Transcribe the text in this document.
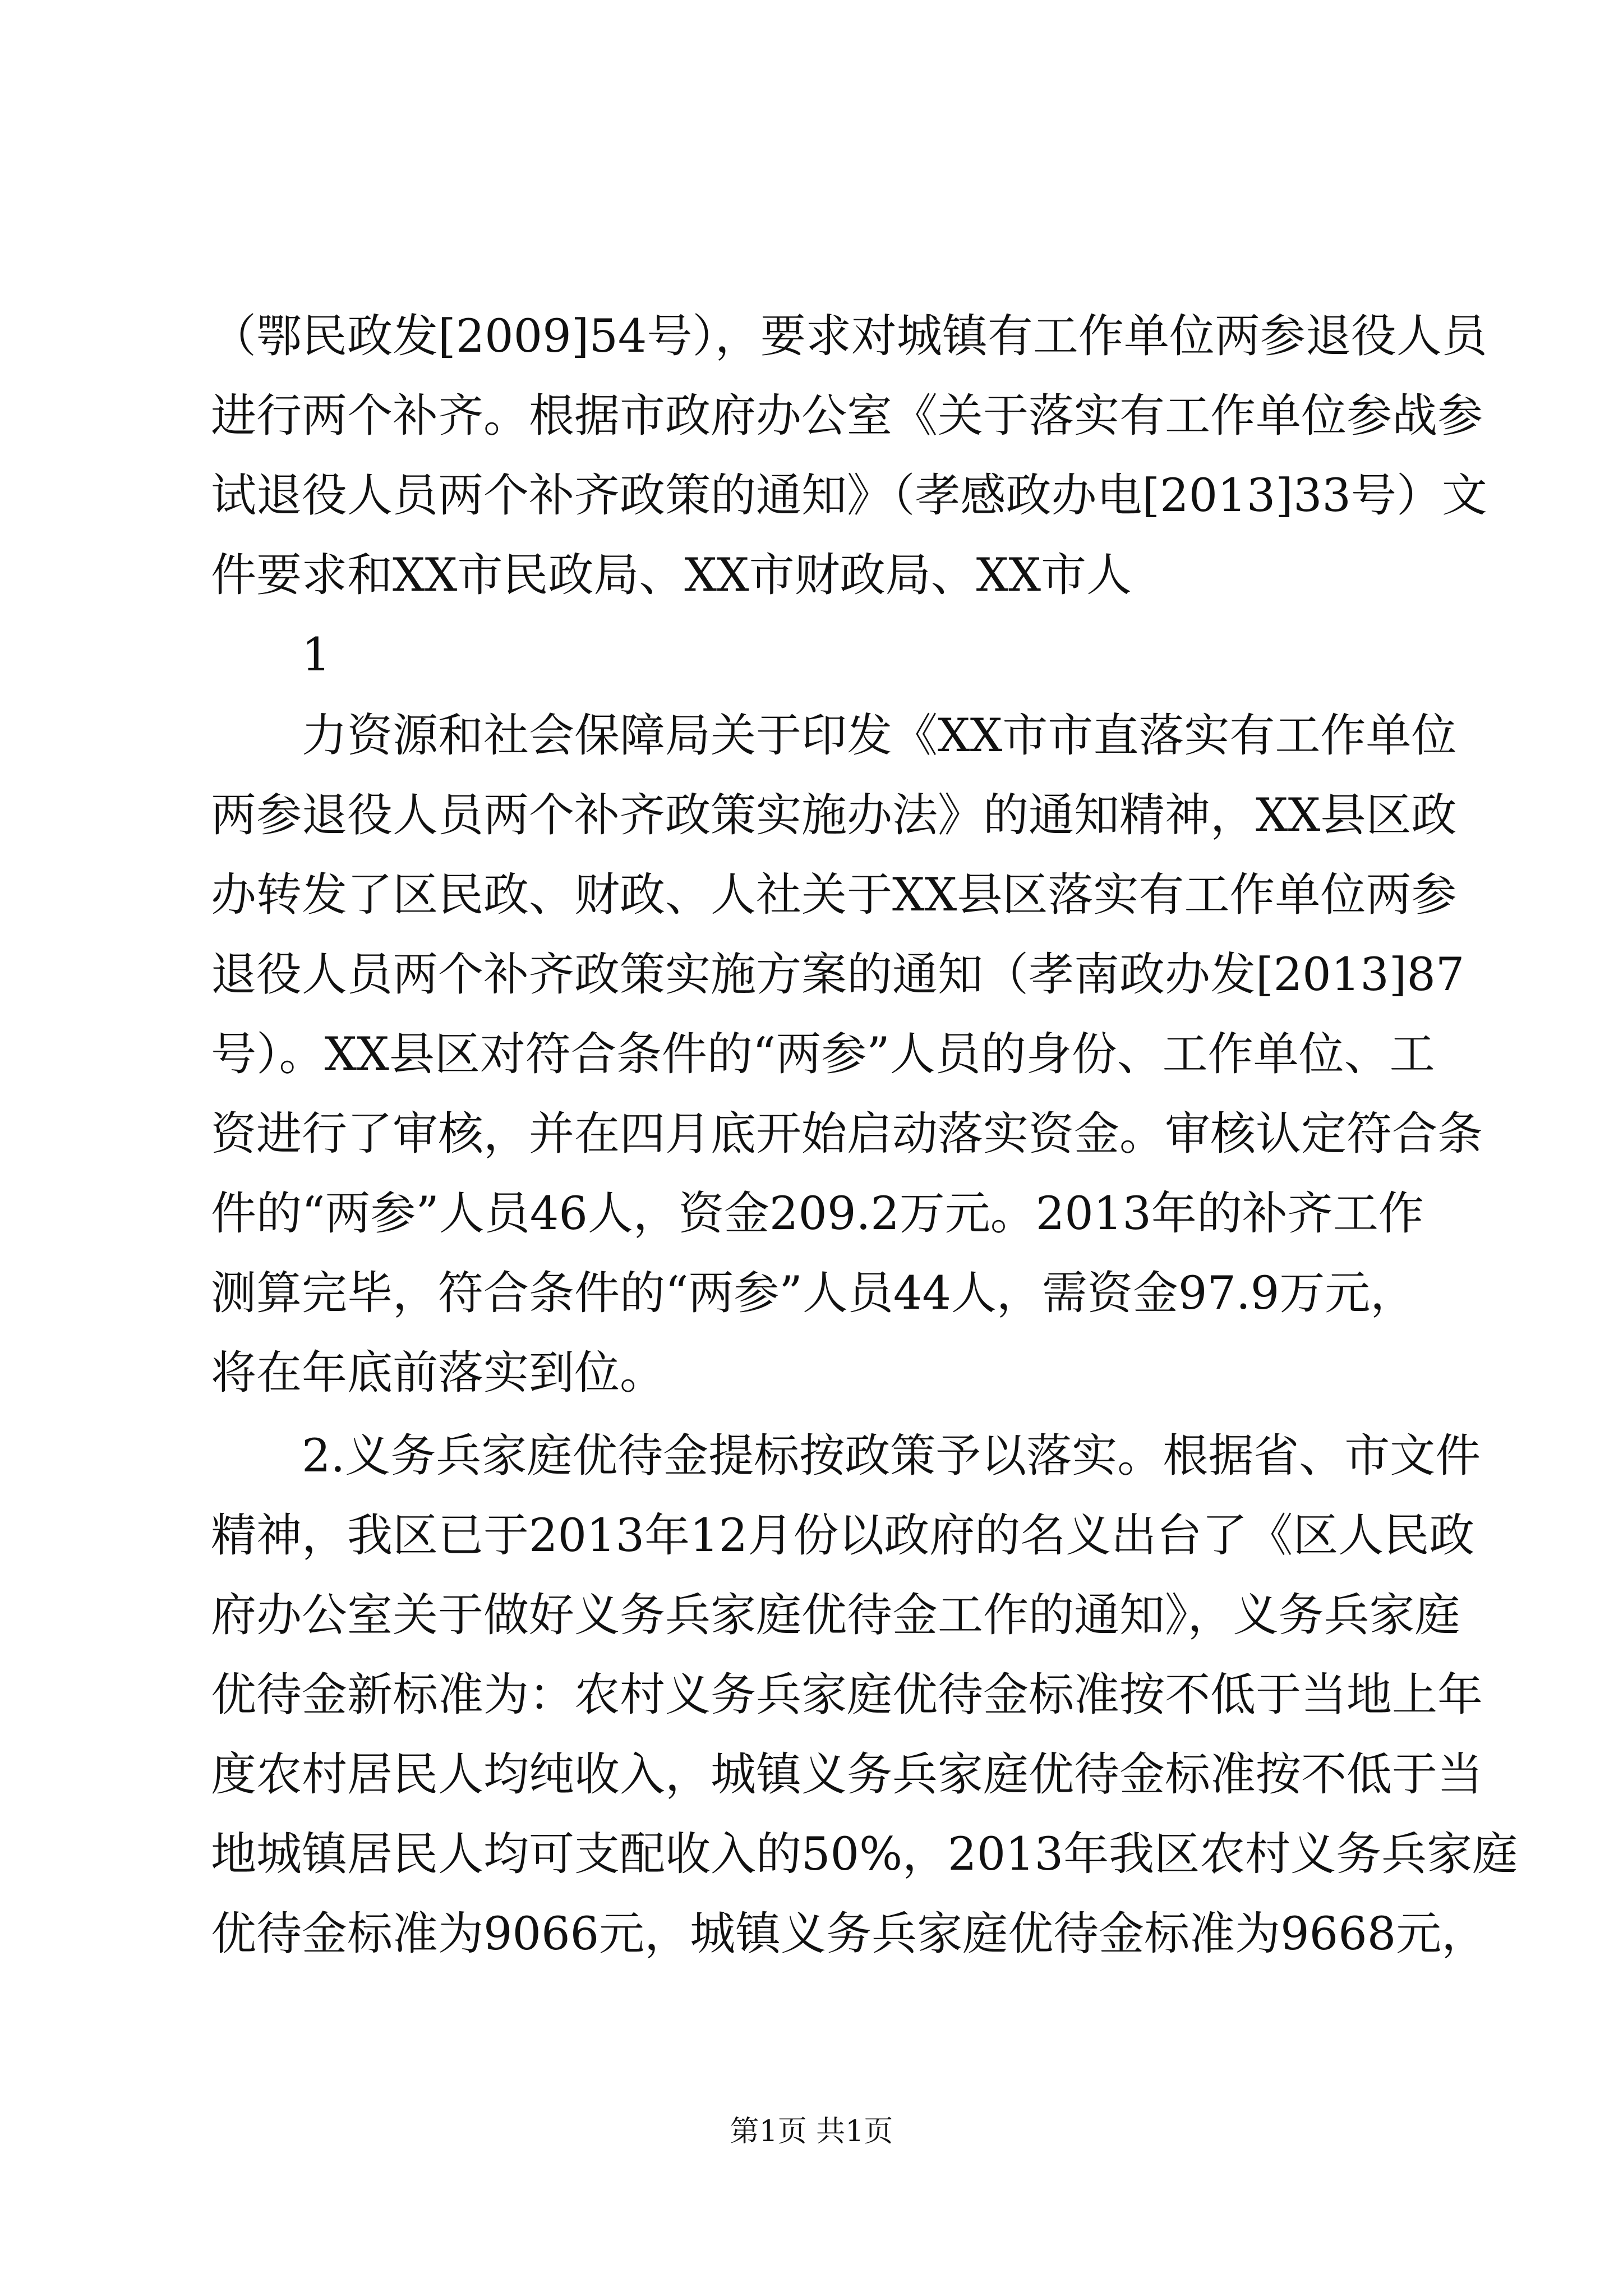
（鄂民政发[2009]54号），要求对城镇有工作单位两参退役人员
进行两个补齐。根据市政府办公室《关于落实有工作单位参战参
试退役人员两个补齐政策的通知》（孝感政办电[2013]33号）文
件要求和XX市民政局、XX市财政局、XX市人
1
力资源和社会保障局关于印发《XX市市直落实有工作单位
两参退役人员两个补齐政策实施办法》的通知精神，XX县区政
办转发了区民政、财政、人社关于XX县区落实有工作单位两参
退役人员两个补齐政策实施方案的通知（孝南政办发[2013]87
号）。XX县区对符合条件的“两参”人员的身份、工作单位、工
资进行了审核，并在四月底开始启动落实资金。审核认定符合条
件的“两参”人员46人，资金209.2万元。2013年的补齐工作
测算完毕，符合条件的“两参”人员44人，需资金97.9万元，
将在年底前落实到位。
2.义务兵家庭优待金提标按政策予以落实。根据省、市文件
精神，我区已于2013年12月份以政府的名义出台了《区人民政
府办公室关于做好义务兵家庭优待金工作的通知》，义务兵家庭
优待金新标准为：农村义务兵家庭优待金标准按不低于当地上年
度农村居民人均纯收入，城镇义务兵家庭优待金标准按不低于当
地城镇居民人均可支配收入的50%，2013年我区农村义务兵家庭
优待金标准为9066元，城镇义务兵家庭优待金标准为9668元，
第1页 共1页
